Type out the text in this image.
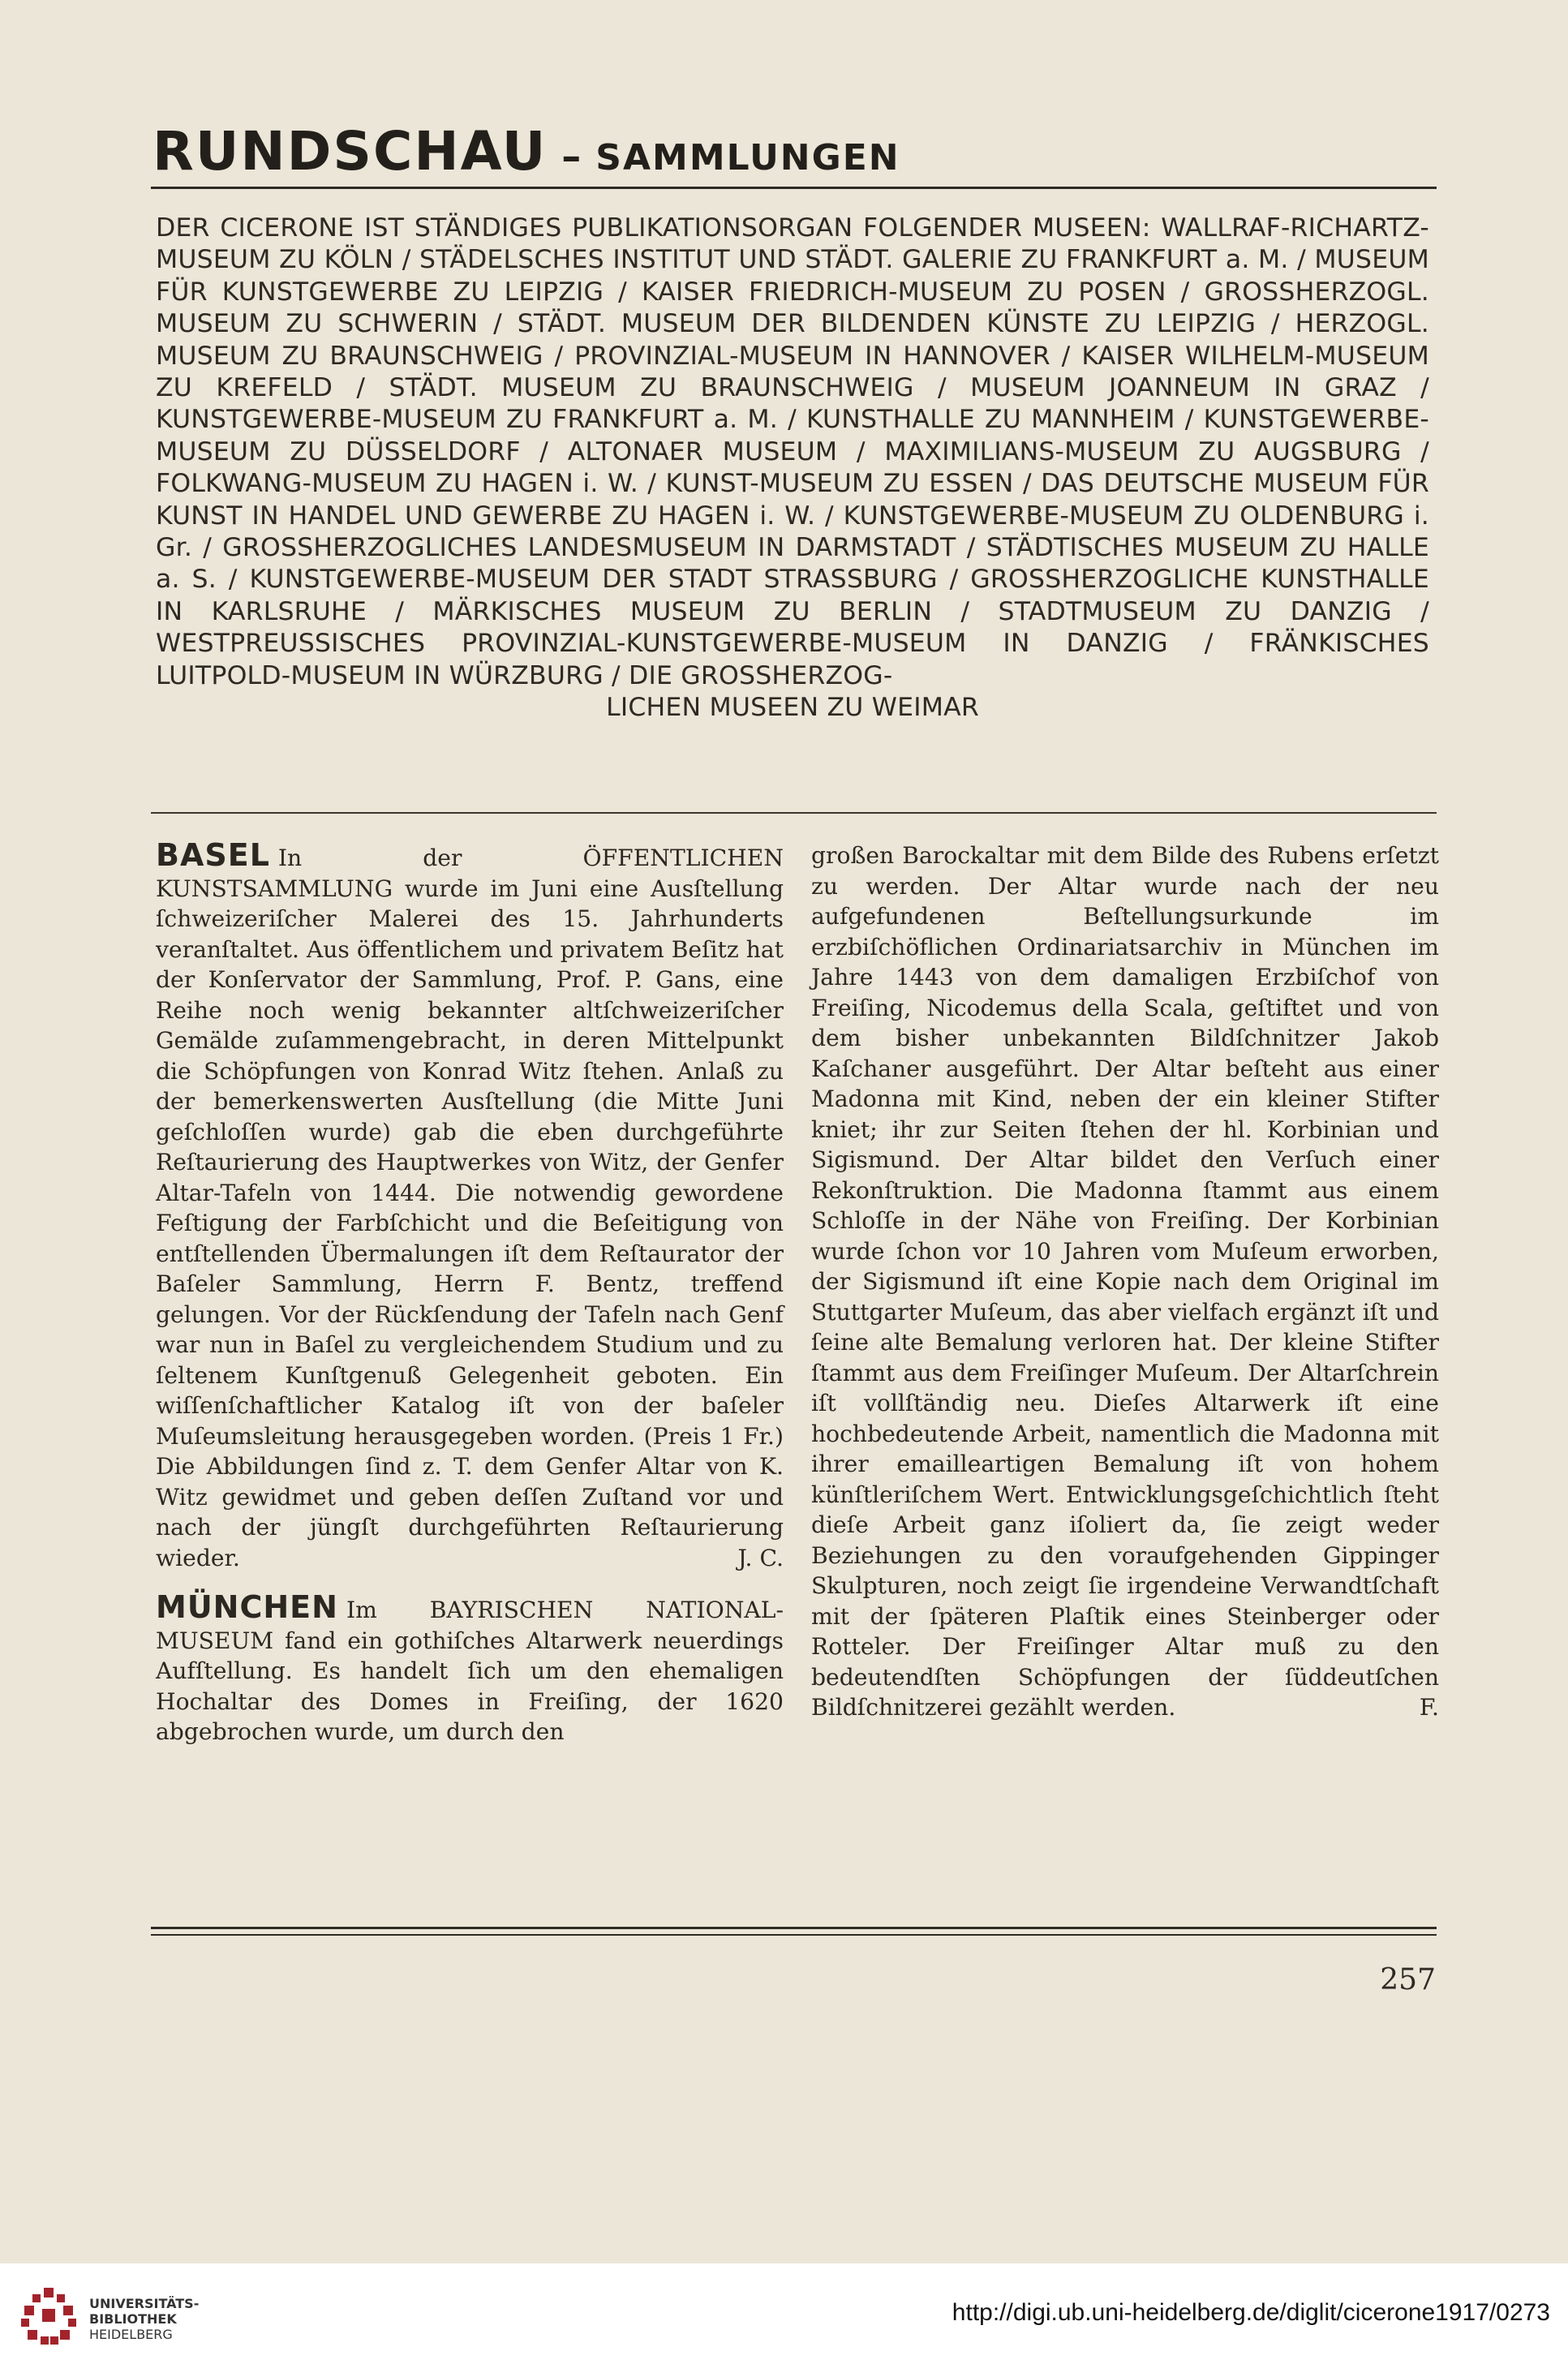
RUNDSCHAU – SAMMLUNGEN
DER CICERONE IST STÄNDIGES PUBLIKATIONSORGAN FOLGENDER MUSEEN: WALLRAF-RICHARTZ-MUSEUM ZU KÖLN / STÄDELSCHES INSTITUT UND STÄDT. GALERIE ZU FRANKFURT a. M. / MUSEUM FÜR KUNSTGEWERBE ZU LEIPZIG / KAISER FRIEDRICH-MUSEUM ZU POSEN / GROSSHERZOGL. MUSEUM ZU SCHWERIN / STÄDT. MUSEUM DER BILDENDEN KÜNSTE ZU LEIPZIG / HERZOGL. MUSEUM ZU BRAUNSCHWEIG / PROVINZIAL-MUSEUM IN HANNOVER / KAISER WILHELM-MUSEUM ZU KREFELD / STÄDT. MUSEUM ZU BRAUNSCHWEIG / MUSEUM JOANNEUM IN GRAZ / KUNSTGEWERBE-MUSEUM ZU FRANKFURT a. M. / KUNSTHALLE ZU MANNHEIM / KUNSTGEWERBE-MUSEUM ZU DÜSSELDORF / ALTONAER MUSEUM / MAXIMILIANS-MUSEUM ZU AUGSBURG / FOLKWANG-MUSEUM ZU HAGEN i. W. / KUNST-MUSEUM ZU ESSEN / DAS DEUTSCHE MUSEUM FÜR KUNST IN HANDEL UND GEWERBE ZU HAGEN i. W. / KUNSTGEWERBE-MUSEUM ZU OLDENBURG i. Gr. / GROSSHERZOGLICHES LANDESMUSEUM IN DARMSTADT / STÄDTISCHES MUSEUM ZU HALLE a. S. / KUNSTGEWERBE-MUSEUM DER STADT STRASSBURG / GROSSHERZOGLICHE KUNSTHALLE IN KARLSRUHE / MÄRKISCHES MUSEUM ZU BERLIN / STADTMUSEUM ZU DANZIG / WESTPREUSSISCHES PROVINZIAL-KUNSTGEWERBE-MUSEUM IN DANZIG / FRÄNKISCHES LUITPOLD-MUSEUM IN WÜRZBURG / DIE GROSSHERZOG-
LICHEN MUSEEN ZU WEIMAR

BASEL In der ÖFFENTLICHEN KUNSTSAMMLUNG wurde im Juni eine Ausſtellung ſchweizeriſcher Malerei des 15. Jahrhunderts veranſtaltet. Aus öffentlichem und privatem Beſitz hat der Konſervator der Sammlung, Prof. P. Gans, eine Reihe noch wenig bekannter altſchweizeriſcher Gemälde zuſammengebracht, in deren Mittelpunkt die Schöpfungen von Konrad Witz ſtehen. Anlaß zu der bemerkenswerten Ausſtellung (die Mitte Juni geſchloſſen wurde) gab die eben durchgeführte Reſtaurierung des Hauptwerkes von Witz, der Genfer Altar-Tafeln von 1444. Die notwendig gewordene Feſtigung der Farbſchicht und die Beſeitigung von entſtellenden Übermalungen iſt dem Reſtaurator der Baſeler Sammlung, Herrn F. Bentz, treffend gelungen. Vor der Rückſendung der Tafeln nach Genf war nun in Baſel zu vergleichendem Studium und zu ſeltenem Kunſtgenuß Gelegenheit geboten. Ein wiſſenſchaftlicher Katalog iſt von der baſeler Muſeumsleitung herausgegeben worden. (Preis 1 Fr.) Die Abbildungen ſind z. T. dem Genfer Altar von K. Witz gewidmet und geben deſſen Zuſtand vor und nach der jüngſt durchgeführten Reſtaurierung wieder.	J. C.

MÜNCHEN Im BAYRISCHEN NATIONAL-MUSEUM fand ein gothiſches Altarwerk neuerdings Aufſtellung. Es handelt ſich um den ehemaligen Hochaltar des Domes in Freiſing, der 1620 abgebrochen wurde, um durch den

großen Barockaltar mit dem Bilde des Rubens erſetzt zu werden. Der Altar wurde nach der neu aufgefundenen Beſtellungsurkunde im erzbiſchöflichen Ordinariatsarchiv in München im Jahre 1443 von dem damaligen Erzbiſchof von Freiſing, Nicodemus della Scala, geſtiftet und von dem bisher unbekannten Bildſchnitzer Jakob Kaſchaner ausgeführt. Der Altar beſteht aus einer Madonna mit Kind, neben der ein kleiner Stifter kniet; ihr zur Seiten ſtehen der hl. Korbinian und Sigismund. Der Altar bildet den Verſuch einer Rekonſtruktion. Die Madonna ſtammt aus einem Schloſſe in der Nähe von Freiſing. Der Korbinian wurde ſchon vor 10 Jahren vom Muſeum erworben, der Sigismund iſt eine Kopie nach dem Original im Stuttgarter Muſeum, das aber vielfach ergänzt iſt und ſeine alte Bemalung verloren hat. Der kleine Stifter ſtammt aus dem Freiſinger Muſeum. Der Altarſchrein iſt vollſtändig neu. Dieſes Altarwerk iſt eine hochbedeutende Arbeit, namentlich die Madonna mit ihrer emailleartigen Bemalung iſt von hohem künſtleriſchem Wert. Entwicklungsgeſchichtlich ſteht dieſe Arbeit ganz iſoliert da, ſie zeigt weder Beziehungen zu den voraufgehenden Gippinger Skulpturen, noch zeigt ſie irgendeine Verwandtſchaft mit der ſpäteren Plaſtik eines Steinberger oder Rotteler. Der Freiſinger Altar muß zu den bedeutendſten Schöpfungen der ſüddeutſchen Bildſchnitzerei gezählt werden.	F.

257
UNIVERSITÄTS-
BIBLIOTHEK
HEIDELBERG
http://digi.ub.uni-heidelberg.de/diglit/cicerone1917/0273
